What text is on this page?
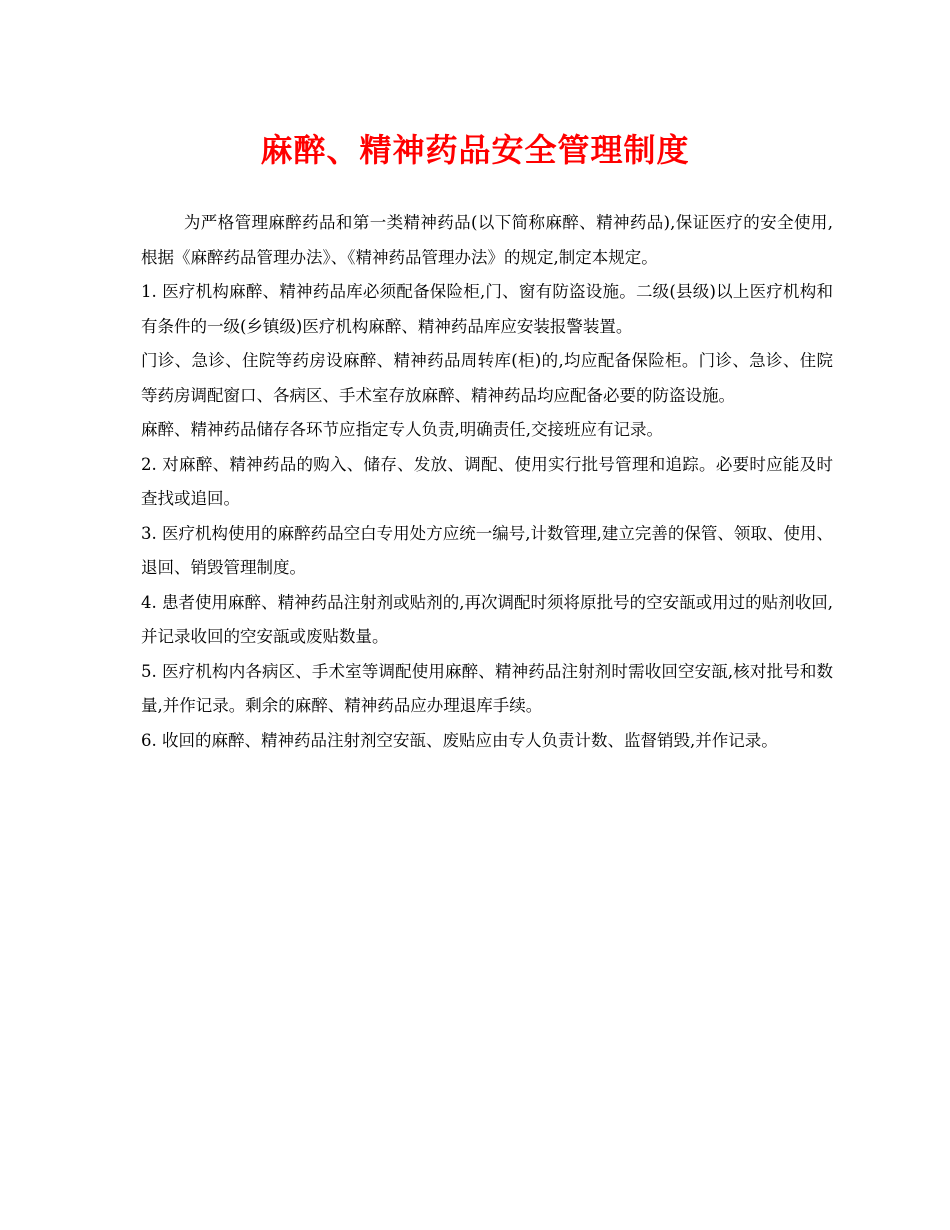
麻醉、精神药品安全管理制度

为严格管理麻醉药品和第一类精神药品(以下简称麻醉、精神药品),保证医疗的安全使用,根据《麻醉药品管理办法》、《精神药品管理办法》的规定,制定本规定。

1. 医疗机构麻醉、精神药品库必须配备保险柜,门、窗有防盗设施。二级(县级)以上医疗机构和有条件的一级(乡镇级)医疗机构麻醉、精神药品库应安装报警装置。

门诊、急诊、住院等药房设麻醉、精神药品周转库(柜)的,均应配备保险柜。门诊、急诊、住院等药房调配窗口、各病区、手术室存放麻醉、精神药品均应配备必要的防盗设施。

麻醉、精神药品储存各环节应指定专人负责,明确责任,交接班应有记录。

2. 对麻醉、精神药品的购入、储存、发放、调配、使用实行批号管理和追踪。必要时应能及时查找或追回。

3. 医疗机构使用的麻醉药品空白专用处方应统一编号,计数管理,建立完善的保管、领取、使用、退回、销毁管理制度。

4. 患者使用麻醉、精神药品注射剂或贴剂的,再次调配时须将原批号的空安瓿或用过的贴剂收回,并记录收回的空安瓿或废贴数量。

5. 医疗机构内各病区、手术室等调配使用麻醉、精神药品注射剂时需收回空安瓿,核对批号和数量,并作记录。剩余的麻醉、精神药品应办理退库手续。

6. 收回的麻醉、精神药品注射剂空安瓿、废贴应由专人负责计数、监督销毁,并作记录。
